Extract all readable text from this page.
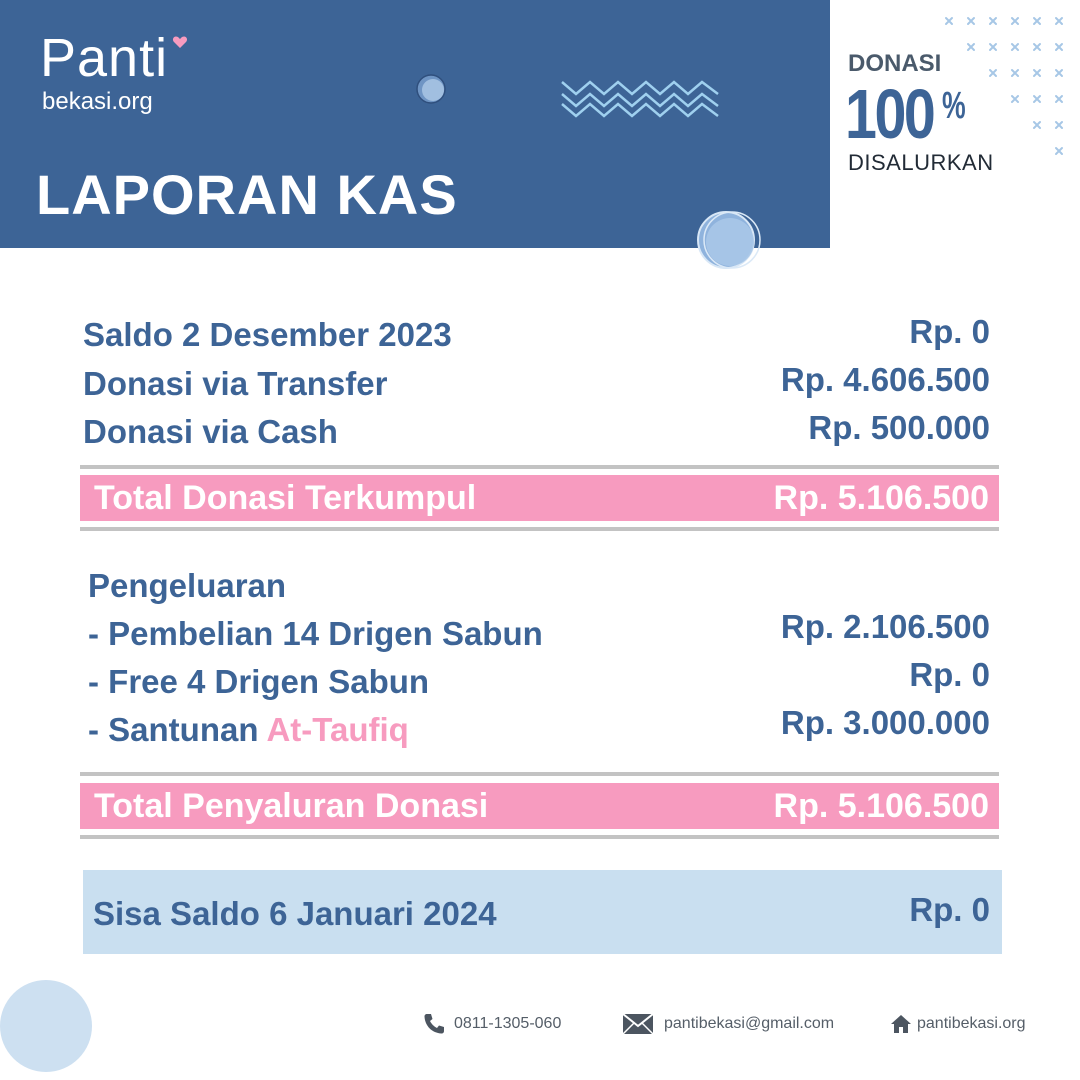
Panti
bekasi.org
LAPORAN KAS
DONASI
100 %
DISALURKAN
Saldo 2 Desember 2023	Rp. 0
Donasi via Transfer	Rp. 4.606.500
Donasi via Cash	Rp. 500.000
Total Donasi Terkumpul	Rp. 5.106.500
Pengeluaran
- Pembelian 14 Drigen Sabun	Rp. 2.106.500
- Free 4 Drigen Sabun	Rp. 0
- Santunan At-Taufiq	Rp. 3.000.000
Total Penyaluran Donasi	Rp. 5.106.500
Sisa Saldo 6 Januari 2024	Rp. 0
0811-1305-060	pantibekasi@gmail.com	pantibekasi.org
